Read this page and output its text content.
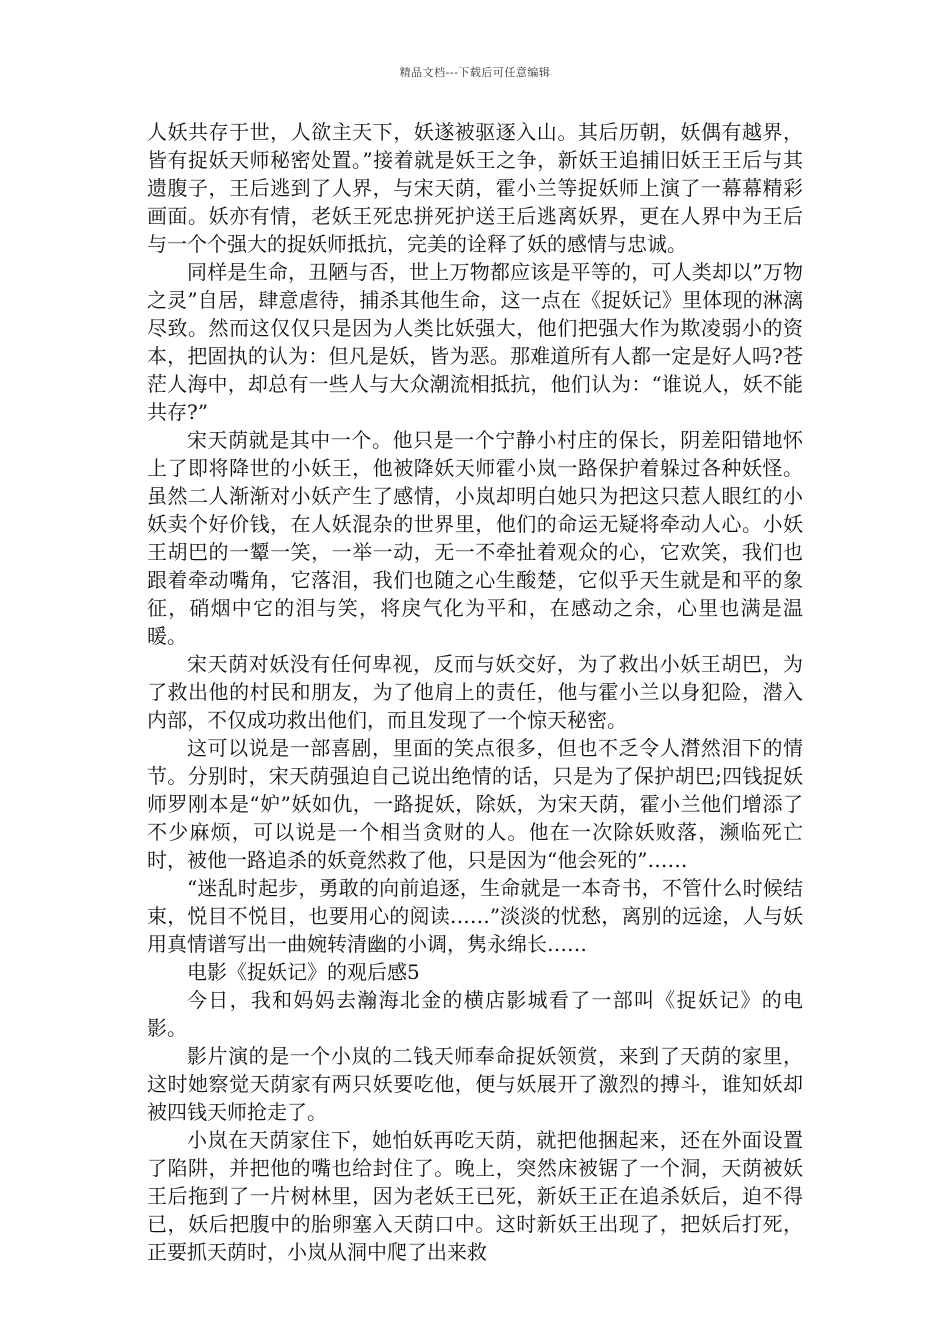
精品文档---下载后可任意编辑

人妖共存于世，人欲主天下，妖遂被驱逐入山。其后历朝，妖偶有越界，皆有捉妖天师秘密处置。”接着就是妖王之争，新妖王追捕旧妖王王后与其遗腹子，王后逃到了人界，与宋天荫，霍小兰等捉妖师上演了一幕幕精彩画面。妖亦有情，老妖王死忠拼死护送王后逃离妖界，更在人界中为王后与一个个强大的捉妖师抵抗，完美的诠释了妖的感情与忠诚。

同样是生命，丑陋与否，世上万物都应该是平等的，可人类却以”万物之灵”自居，肆意虐待，捕杀其他生命，这一点在《捉妖记》里体现的淋漓尽致。然而这仅仅只是因为人类比妖强大，他们把强大作为欺凌弱小的资本，把固执的认为：但凡是妖，皆为恶。那难道所有人都一定是好人吗?苍茫人海中，却总有一些人与大众潮流相抵抗，他们认为：“谁说人，妖不能共存?”

宋天荫就是其中一个。他只是一个宁静小村庄的保长，阴差阳错地怀上了即将降世的小妖王，他被降妖天师霍小岚一路保护着躲过各种妖怪。虽然二人渐渐对小妖产生了感情，小岚却明白她只为把这只惹人眼红的小妖卖个好价钱，在人妖混杂的世界里，他们的命运无疑将牵动人心。小妖王胡巴的一颦一笑，一举一动，无一不牵扯着观众的心，它欢笑，我们也跟着牵动嘴角，它落泪，我们也随之心生酸楚，它似乎天生就是和平的象征，硝烟中它的泪与笑，将戾气化为平和，在感动之余，心里也满是温暖。

宋天荫对妖没有任何卑视，反而与妖交好，为了救出小妖王胡巴，为了救出他的村民和朋友，为了他肩上的责任，他与霍小兰以身犯险，潜入内部，不仅成功救出他们，而且发现了一个惊天秘密。

这可以说是一部喜剧，里面的笑点很多，但也不乏令人潸然泪下的情节。分别时，宋天荫强迫自己说出绝情的话，只是为了保护胡巴;四钱捉妖师罗刚本是“妒”妖如仇，一路捉妖，除妖，为宋天荫，霍小兰他们增添了不少麻烦，可以说是一个相当贪财的人。他在一次除妖败落，濒临死亡时，被他一路追杀的妖竟然救了他，只是因为“他会死的”……

“迷乱时起步，勇敢的向前追逐，生命就是一本奇书，不管什么时候结束，悦目不悦目，也要用心的阅读……”淡淡的忧愁，离别的远途，人与妖用真情谱写出一曲婉转清幽的小调，隽永绵长……

电影《捉妖记》的观后感5

今日，我和妈妈去瀚海北金的横店影城看了一部叫《捉妖记》的电影。

影片演的是一个小岚的二钱天师奉命捉妖领赏，来到了天荫的家里，这时她察觉天荫家有两只妖要吃他，便与妖展开了激烈的搏斗，谁知妖却被四钱天师抢走了。

小岚在天荫家住下，她怕妖再吃天荫，就把他捆起来，还在外面设置了陷阱，并把他的嘴也给封住了。晚上，突然床被锯了一个洞，天荫被妖王后拖到了一片树林里，因为老妖王已死，新妖王正在追杀妖后，迫不得已，妖后把腹中的胎卵塞入天荫口中。这时新妖王出现了，把妖后打死，正要抓天荫时，小岚从洞中爬了出来救
